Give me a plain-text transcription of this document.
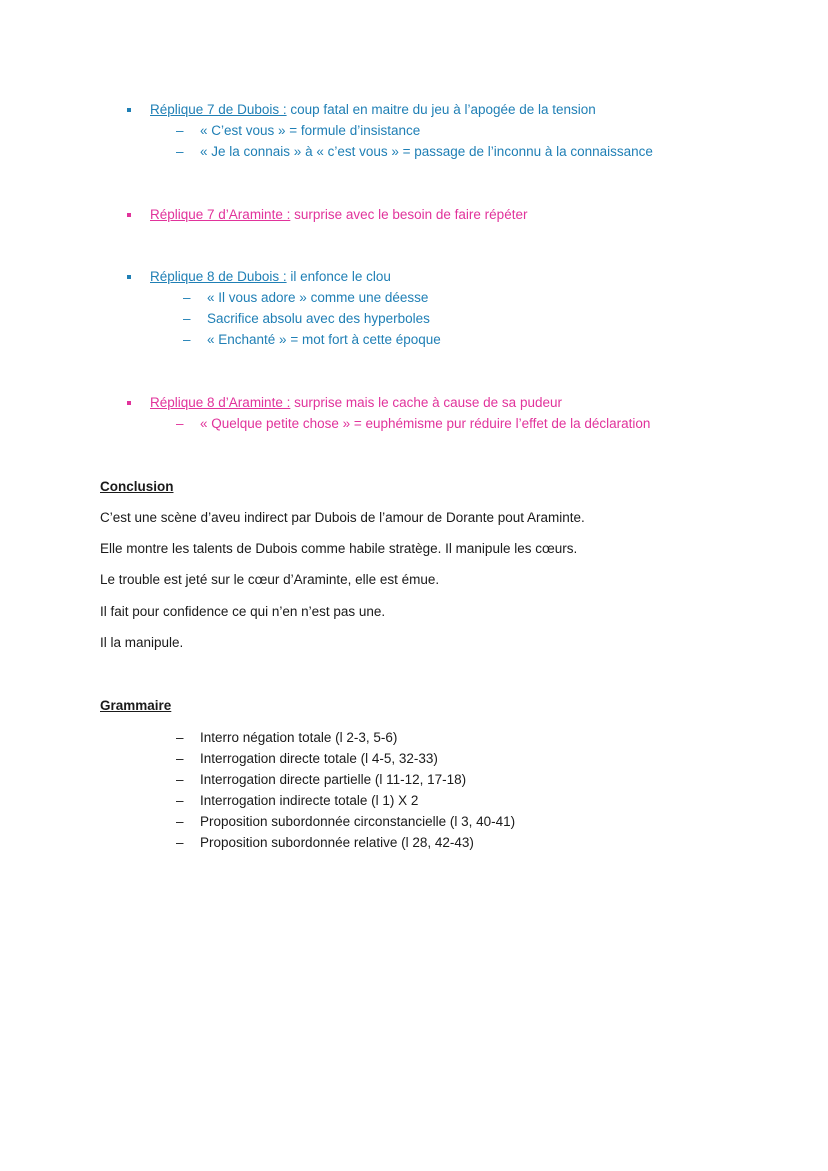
Réplique 7 de Dubois : coup fatal en maitre du jeu à l’apogée de la tension
– « C’est vous » = formule d’insistance
– « Je la connais » à « c’est vous » = passage de l’inconnu à la connaissance
Réplique 7 d’Araminte : surprise avec le besoin de faire répéter
Réplique 8 de Dubois : il enfonce le clou
– « Il vous adore » comme une déesse
– Sacrifice absolu avec des hyperboles
– « Enchanté » = mot fort à cette époque
Réplique 8 d’Araminte : surprise mais le cache à cause de sa pudeur
– « Quelque petite chose » = euphémisme pur réduire l’effet de la déclaration
Conclusion
C’est une scène d’aveu indirect par Dubois de l’amour de Dorante pout Araminte.
Elle montre les talents de Dubois comme habile stratège. Il manipule les cœurs.
Le trouble est jeté sur le cœur d’Araminte, elle est émue.
Il fait pour confidence ce qui n’en n’est pas une.
Il la manipule.
Grammaire
– Interro négation totale (l 2-3, 5-6)
– Interrogation directe totale (l 4-5, 32-33)
– Interrogation directe partielle (l 11-12, 17-18)
– Interrogation indirecte totale (l 1) X 2
– Proposition subordonnée circonstancielle (l 3, 40-41)
– Proposition subordonnée relative (l 28, 42-43)
